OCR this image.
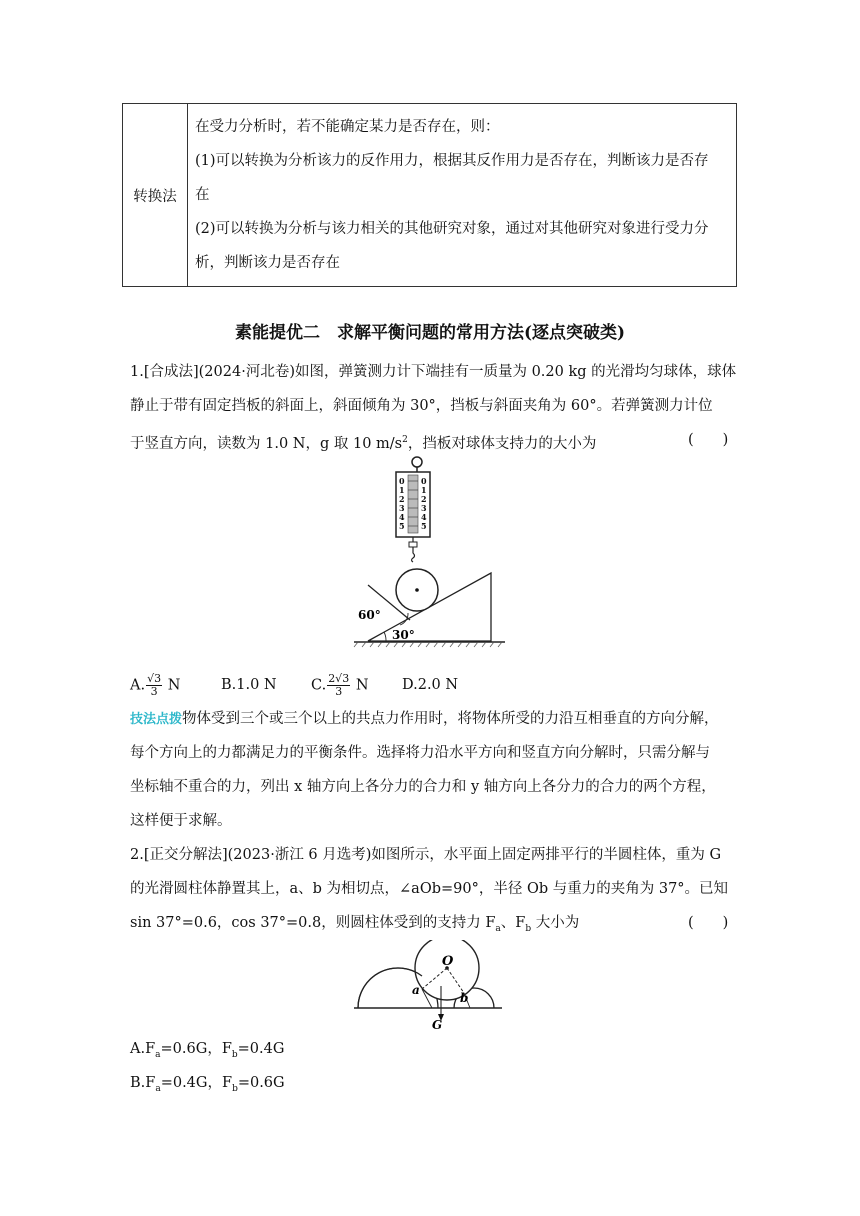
转换法	
在受力分析时，若不能确定某力是否存在，则：
(1)可以转换为分析该力的反作用力，根据其反作用力是否存在，判断该力是否存
在
(2)可以转换为分析与该力相关的其他研究对象，通过对其他研究对象进行受力分
析，判断该力是否存在
素能提优二　求解平衡问题的常用方法(逐点突破类)
1.[合成法](2024·河北卷)如图，弹簧测力计下端挂有一质量为 0.20 kg 的光滑均匀球体，球体
静止于带有固定挡板的斜面上，斜面倾角为 30°，挡板与斜面夹角为 60°。若弹簧测力计位
于竖直方向，读数为 1.0 N，g 取 10 $m/s^2$，挡板对球体支持力的大小为	(　　)
0
1
2
3
4
5
0
1
2
3
4
5
60°
30°
A. $\frac{√3}{3}$ N	B.1.0 N C. $\frac{2√3}{3}$ N D.2.0 N
技法点拨物体受到三个或三个以上的共点力作用时，将物体所受的力沿互相垂直的方向分解，
每个方向上的力都满足力的平衡条件。选择将力沿水平方向和竖直方向分解时，只需分解与
坐标轴不重合的力，列出 x 轴方向上各分力的合力和 y 轴方向上各分力的合力的两个方程，
这样便于求解。
2.[正交分解法](2023·浙江 6 月选考)如图所示，水平面上固定两排平行的半圆柱体，重为 G
的光滑圆柱体静置其上，a、b 为相切点，∠aOb=90°，半径 Ob 与重力的夹角为 37°。已知
sin 37°=0.6，cos 37°=0.8，则圆柱体受到的支持力 $F_a$、$F_b$ 大小为	(　　)
O
a
b
G
$A.F_a=0.6G$，$F_b=0.4G$
$B.F_a=0.4G$，$F_b=0.6G$
